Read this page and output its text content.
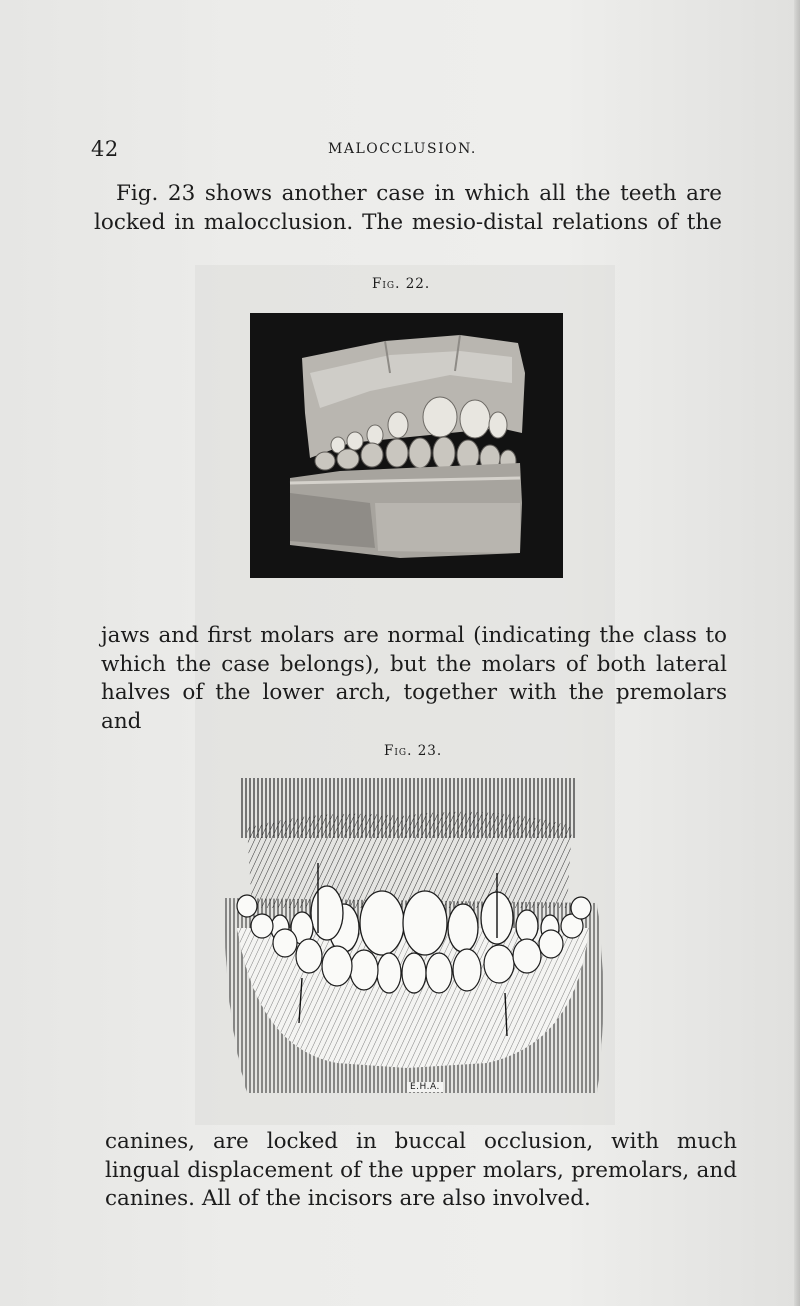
42	MALOCCLUSION.

Fig. 23 shows another case in which all the teeth are locked in malocclusion. The mesio-distal relations of the

Fig. 22.

jaws and first molars are normal (indicating the class to which the case belongs), but the molars of both lateral halves of the lower arch, together with the premolars and

Fig. 23.
E.H.A.

canines, are locked in buccal occlusion, with much lingual displacement of the upper molars, premolars, and canines. All of the incisors are also involved.
